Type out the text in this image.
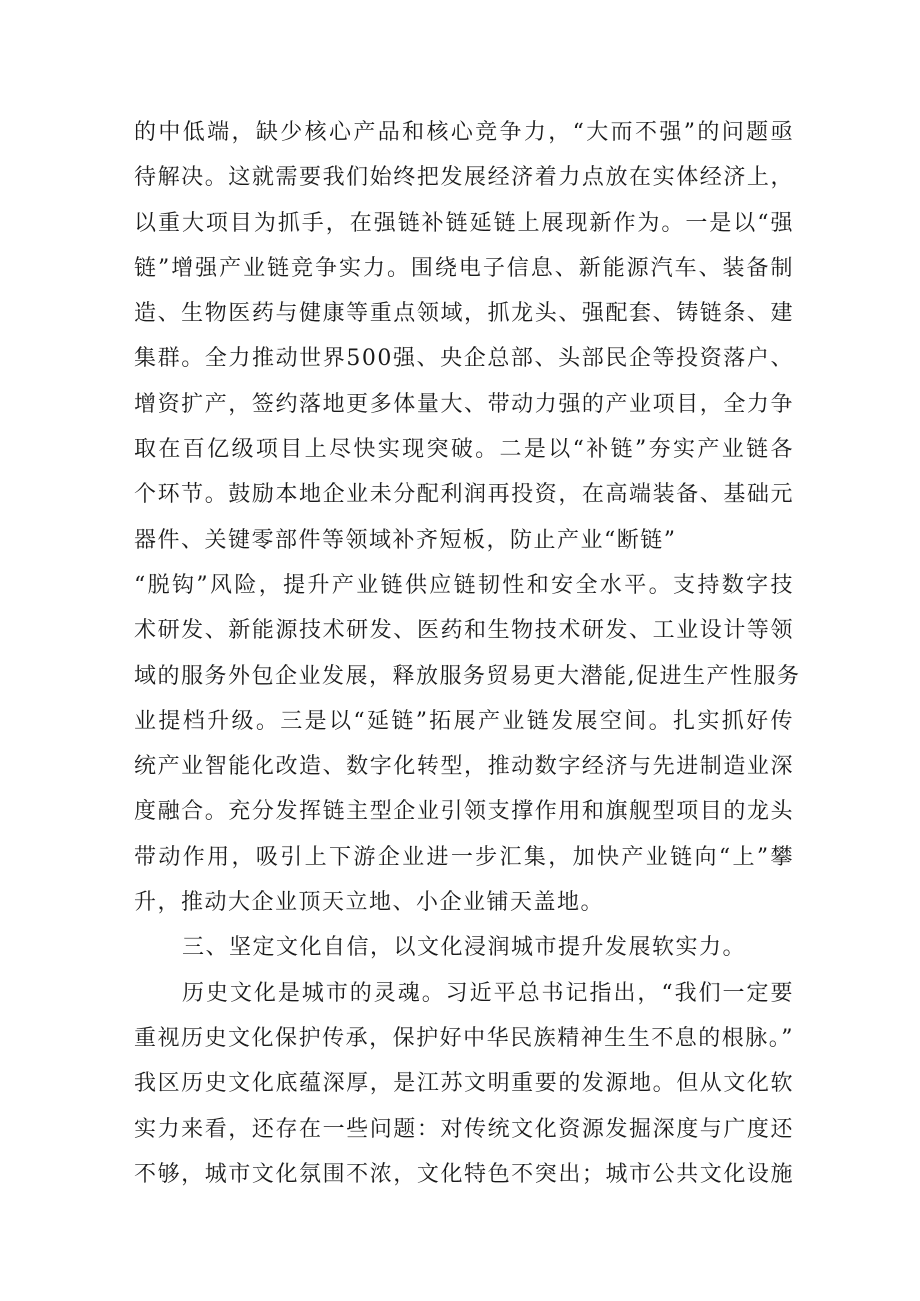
的中低端，缺少核心产品和核心竞争力，“大而不强”的问题亟
待解决。这就需要我们始终把发展经济着力点放在实体经济上，
以重大项目为抓手，在强链补链延链上展现新作为。一是以“强
链”增强产业链竞争实力。围绕电子信息、新能源汽车、装备制
造、生物医药与健康等重点领域，抓龙头、强配套、铸链条、建
集群。全力推动世界500强、央企总部、头部民企等投资落户、
增资扩产，签约落地更多体量大、带动力强的产业项目，全力争
取在百亿级项目上尽快实现突破。二是以“补链”夯实产业链各
个环节。鼓励本地企业未分配利润再投资，在高端装备、基础元
器件、关键零部件等领域补齐短板，防止产业“断链”
“脱钩”风险，提升产业链供应链韧性和安全水平。支持数字技
术研发、新能源技术研发、医药和生物技术研发、工业设计等领
域的服务外包企业发展，释放服务贸易更大潜能,促进生产性服务
业提档升级。三是以“延链”拓展产业链发展空间。扎实抓好传
统产业智能化改造、数字化转型，推动数字经济与先进制造业深
度融合。充分发挥链主型企业引领支撑作用和旗舰型项目的龙头
带动作用，吸引上下游企业进一步汇集，加快产业链向“上”攀
升，推动大企业顶天立地、小企业铺天盖地。
三、坚定文化自信，以文化浸润城市提升发展软实力。
历史文化是城市的灵魂。习近平总书记指出，“我们一定要
重视历史文化保护传承，保护好中华民族精神生生不息的根脉。”
我区历史文化底蕴深厚，是江苏文明重要的发源地。但从文化软
实力来看，还存在一些问题：对传统文化资源发掘深度与广度还
不够，城市文化氛围不浓，文化特色不突出；城市公共文化设施
